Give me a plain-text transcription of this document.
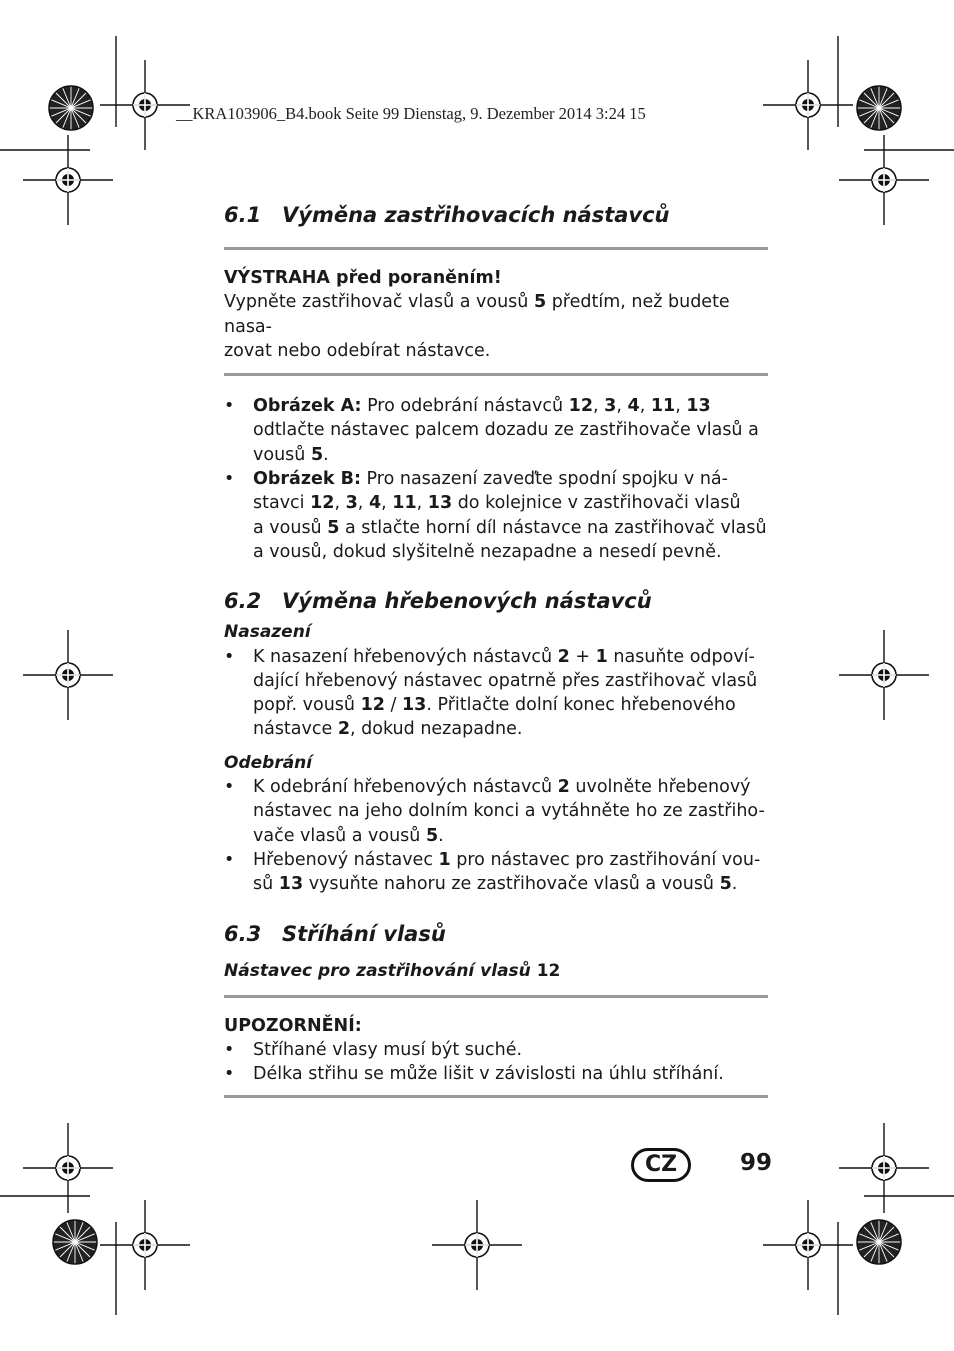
__KRA103906_B4.book Seite 99 Dienstag, 9. Dezember 2014 3:24 15
6.1 Výměna zastřihovacích nástavců

VÝSTRAHA před poraněním!

Vypněte zastřihovač vlasů a vousů 5 předtím, než budete nasa-
zovat nebo odebírat nástavce.

• Obrázek A: Pro odebrání nástavců 12, 3, 4, 11, 13
odtlačte nástavec palcem dozadu ze zastřihovače vlasů a
vousů 5.
• Obrázek B: Pro nasazení zaveďte spodní spojku v ná-
stavci 12, 3, 4, 11, 13 do kolejnice v zastřihovači vlasů
a vousů 5 a stlačte horní díl nástavce na zastřihovač vlasů
a vousů, dokud slyšitelně nezapadne a nesedí pevně.
6.2 Výměna hřebenových nástavců

Nasazení

• K nasazení hřebenových nástavců 2 + 1 nasuňte odpoví-
dající hřebenový nástavec opatrně přes zastřihovač vlasů
popř. vousů 12 / 13. Přitlačte dolní konec hřebenového
nástavce 2, dokud nezapadne.

Odebrání

• K odebrání hřebenových nástavců 2 uvolněte hřebenový
nástavec na jeho dolním konci a vytáhněte ho ze zastřiho-
vače vlasů a vousů 5.
• Hřebenový nástavec 1 pro nástavec pro zastřihování vou-
sů 13 vysuňte nahoru ze zastřihovače vlasů a vousů 5.
6.3 Stříhání vlasů

Nástavec pro zastřihování vlasů 12

UPOZORNĚNÍ:

• Stříhané vlasy musí být suché.
• Délka střihu se může lišit v závislosti na úhlu stříhání.
CZ	99
